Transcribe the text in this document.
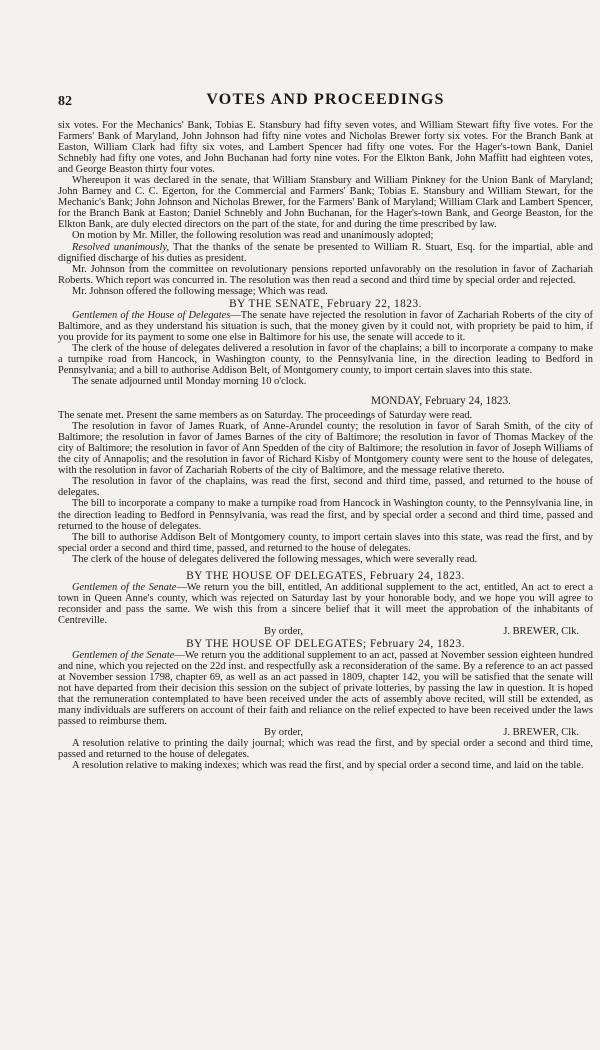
82	VOTES AND PROCEEDINGS

six votes. For the Mechanics' Bank, Tobias E. Stansbury had fifty seven votes, and William Stewart fifty five votes. For the Farmers' Bank of Maryland, John Johnson had fifty nine votes and Nicholas Brewer forty six votes. For the Branch Bank at Easton, William Clark had fifty six votes, and Lambert Spencer had fifty one votes. For the Hager's-town Bank, Daniel Schnebly had fifty one votes, and John Buchanan had forty nine votes. For the Elkton Bank, John Maffitt had eighteen votes, and George Beaston thirty four votes.

Whereupon it was declared in the senate, that William Stansbury and William Pinkney for the Union Bank of Maryland; John Barney and C. C. Egerton, for the Commercial and Farmers' Bank; Tobias E. Stansbury and William Stewart, for the Mechanic's Bank; John Johnson and Nicholas Brewer, for the Farmers' Bank of Maryland; William Clark and Lambert Spencer, for the Branch Bank at Easton; Daniel Schnebly and John Buchanan, for the Hager's-town Bank, and George Beaston, for the Elkton Bank, are duly elected directors on the part of the state, for and during the time prescribed by law.

On motion by Mr. Miller, the following resolution was read and unanimously adopted;

Resolved unanimously, That the thanks of the senate be presented to William R. Stuart, Esq. for the impartial, able and dignified discharge of his duties as president.

Mr. Johnson from the committee on revolutionary pensions reported unfavorably on the resolution in favor of Zachariah Roberts. Which report was concurred in. The resolution was then read a second and third time by special order and rejected.

Mr. Johnson offered the following message; Which was read.

BY THE SENATE, February 22, 1823.

Gentlemen of the House of Delegates—The senate have rejected the resolution in favor of Zachariah Roberts of the city of Baltimore, and as they understand his situation is such, that the money given by it could not, with propriety be paid to him, if you provide for its payment to some one else in Baltimore for his use, the senate will accede to it.

The clerk of the house of delegates delivered a resolution in favor of the chaplains; a bill to incorporate a company to make a turnpike road from Hancock, in Washington county, to the Pennsylvania line, in the direction leading to Bedford in Pennsylvania; and a bill to authorise Addison Belt, of Montgomery county, to import certain slaves into this state.

The senate adjourned until Monday morning 10 o'clock.

MONDAY, February 24, 1823.

The senate met. Present the same members as on Saturday. The proceedings of Saturday were read.

The resolution in favor of James Ruark, of Anne-Arundel county; the resolution in favor of Sarah Smith, of the city of Baltimore; the resolution in favor of James Barnes of the city of Baltimore; the resolution in favor of Thomas Mackey of the city of Baltimore; the resolution in favor of Ann Spedden of the city of Baltimore; the resolution in favor of Joseph Williams of the city of Annapolis; and the resolution in favor of Richard Kisby of Montgomery county were sent to the house of delegates, with the resolution in favor of Zachariah Roberts of the city of Baltimore, and the message relative thereto.

The resolution in favor of the chaplains, was read the first, second and third time, passed, and returned to the house of delegates.

The bill to incorporate a company to make a turnpike road from Hancock in Washington county, to the Pennsylvania line, in the direction leading to Bedford in Pennsylvania, was read the first, and by special order a second and third time, passed and returned to the house of delegates.

The bill to authorise Addison Belt of Montgomery county, to import certain slaves into this state, was read the first, and by special order a second and third time, passed, and returned to the house of delegates.

The clerk of the house of delegates delivered the following messages, which were severally read.

BY THE HOUSE OF DELEGATES, February 24, 1823.

Gentlemen of the Senate—We return you the bill, entitled, An additional supplement to the act, entitled, An act to erect a town in Queen Anne's county, which was rejected on Saturday last by your honorable body, and we hope you will agree to reconsider and pass the same. We wish this from a sincere belief that it will meet the approbation of the inhabitants of Centreville.

By order,	J. BREWER, Clk.

BY THE HOUSE OF DELEGATES; February 24, 1823.

Gentlemen of the Senate—We return you the additional supplement to an act, passed at November session eighteen hundred and nine, which you rejected on the 22d inst. and respectfully ask a reconsideration of the same. By a reference to an act passed at November session 1798, chapter 69, as well as an act passed in 1809, chapter 142, you will be satisfied that the senate will not have departed from their decision this session on the subject of private lotteries, by passing the law in question. It is hoped that the remuneration contemplated to have been received under the acts of assembly above recited, will still be extended, as many individuals are sufferers on account of their faith and reliance on the relief expected to have been received under the laws passed to reimburse them.

By order,	J. BREWER, Clk.

A resolution relative to printing the daily journal; which was read the first, and by special order a second and third time, passed and returned to the house of delegates.

A resolution relative to making indexes; which was read the first, and by special order a second time, and laid on the table.
